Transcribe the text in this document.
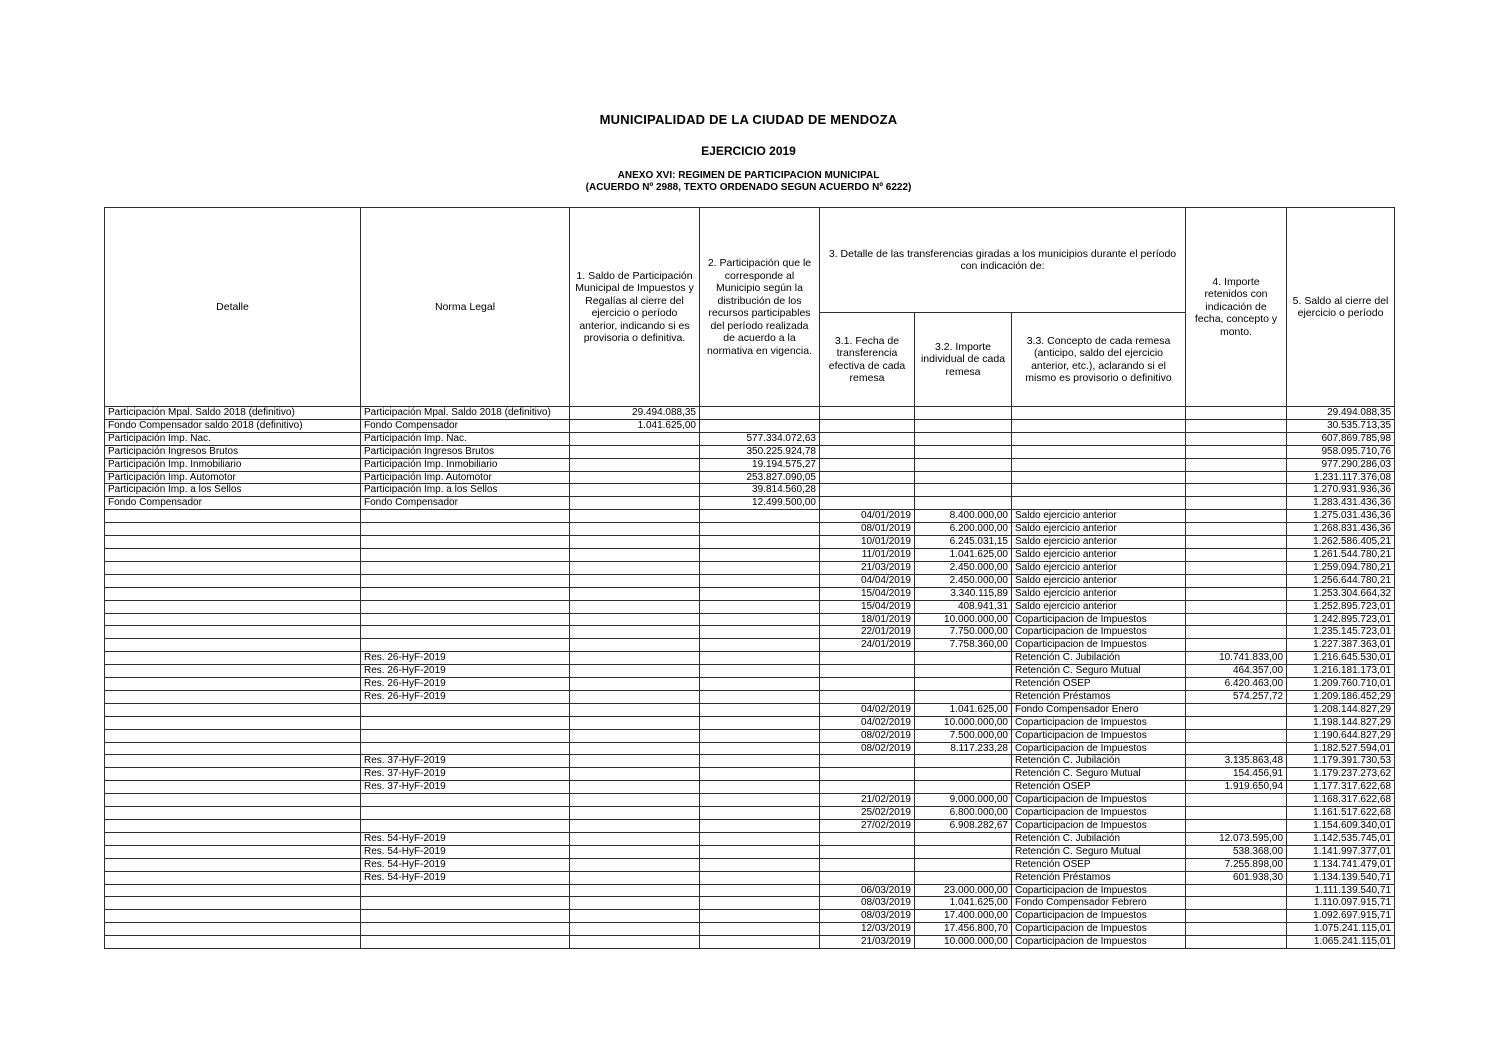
MUNICIPALIDAD DE LA CIUDAD DE MENDOZA

EJERCICIO 2019

ANEXO XVI: REGIMEN DE PARTICIPACION MUNICIPAL

(ACUERDO Nº 2988, TEXTO ORDENADO SEGUN ACUERDO Nº 6222)

Detalle	Norma Legal	1. Saldo de Participación Municipal de Impuestos y Regalías al cierre del ejercicio o período anterior, indicando si es provisoria o definitiva.	2. Participación que le corresponde al Municipio según la distribución de los recursos participables del período realizada de acuerdo a la normativa en vigencia.	3. Detalle de las transferencias giradas a los municipios durante el período con indicación de:			4. Importe retenidos con indicación de fecha, concepto y monto.	5. Saldo al cierre del ejercicio o período
				3.1. Fecha de transferencia efectiva de cada remesa	3.2. Importe individual de cada remesa	3.3. Concepto de cada remesa (anticipo, saldo del ejercicio anterior, etc.), aclarando si el mismo es provisorio o definitivo		
Participación Mpal. Saldo 2018 (definitivo)	Participación Mpal. Saldo 2018 (definitivo)	29.494.088,35						29.494.088,35
Fondo Compensador saldo 2018 (definitivo)	Fondo Compensador	1.041.625,00						30.535.713,35
Participación Imp. Nac.	Participación Imp. Nac.		577.334.072,63					607.869.785,98
Participación Ingresos Brutos	Participación Ingresos Brutos		350.225.924,78					958.095.710,76
Participación Imp. Inmobiliario	Participación Imp. Inmobiliario		19.194.575,27					977.290.286,03
Participación Imp. Automotor	Participación Imp. Automotor		253.827.090,05					1.231.117.376,08
Participación Imp. a los Sellos	Participación Imp. a los Sellos		39.814.560,28					1.270.931.936,36
Fondo Compensador	Fondo Compensador		12.499.500,00					1.283.431.436,36
				04/01/2019	8.400.000,00	Saldo ejercicio anterior		1.275.031.436,36
				08/01/2019	6.200.000,00	Saldo ejercicio anterior		1.268.831.436,36
				10/01/2019	6.245.031,15	Saldo ejercicio anterior		1.262.586.405,21
				11/01/2019	1.041.625,00	Saldo ejercicio anterior		1.261.544.780,21
				21/03/2019	2.450.000,00	Saldo ejercicio anterior		1.259.094.780,21
				04/04/2019	2.450.000,00	Saldo ejercicio anterior		1.256.644.780,21
				15/04/2019	3.340.115,89	Saldo ejercicio anterior		1.253.304.664,32
				15/04/2019	408.941,31	Saldo ejercicio anterior		1.252.895.723,01
				18/01/2019	10.000.000,00	Coparticipacion de Impuestos		1.242.895.723,01
				22/01/2019	7.750.000,00	Coparticipacion de Impuestos		1.235.145.723,01
				24/01/2019	7.758.360,00	Coparticipacion de Impuestos		1.227.387.363,01
	Res. 26-HyF-2019					Retención C. Jubilación	10.741.833,00	1.216.645.530,01
	Res. 26-HyF-2019					Retención C. Seguro Mutual	464.357,00	1.216.181.173,01
	Res. 26-HyF-2019					Retención OSEP	6.420.463,00	1.209.760.710,01
	Res. 26-HyF-2019					Retención Préstamos	574.257,72	1.209.186.452,29
				04/02/2019	1.041.625,00	Fondo Compensador Enero		1.208.144.827,29
				04/02/2019	10.000.000,00	Coparticipacion de Impuestos		1.198.144.827,29
				08/02/2019	7.500.000,00	Coparticipacion de Impuestos		1.190.644.827,29
				08/02/2019	8.117.233,28	Coparticipacion de Impuestos		1.182.527.594,01
	Res. 37-HyF-2019					Retención C. Jubilación	3.135.863,48	1.179.391.730,53
	Res. 37-HyF-2019					Retención C. Seguro Mutual	154.456,91	1.179.237.273,62
	Res. 37-HyF-2019					Retención OSEP	1.919.650,94	1.177.317.622,68
				21/02/2019	9.000.000,00	Coparticipacion de Impuestos		1.168.317.622,68
				25/02/2019	6.800.000,00	Coparticipacion de Impuestos		1.161.517.622,68
				27/02/2019	6.908.282,67	Coparticipacion de Impuestos		1.154.609.340,01
	Res. 54-HyF-2019					Retención C. Jubilación	12.073.595,00	1.142.535.745,01
	Res. 54-HyF-2019					Retención C. Seguro Mutual	538.368,00	1.141.997.377,01
	Res. 54-HyF-2019					Retención OSEP	7.255.898,00	1.134.741.479,01
	Res. 54-HyF-2019					Retención Préstamos	601.938,30	1.134.139.540,71
				06/03/2019	23.000.000,00	Coparticipacion de Impuestos		1.111.139.540,71
				08/03/2019	1.041.625,00	Fondo Compensador Febrero		1.110.097.915,71
				08/03/2019	17.400.000,00	Coparticipacion de Impuestos		1.092.697.915,71
				12/03/2019	17.456.800,70	Coparticipacion de Impuestos		1.075.241.115,01
				21/03/2019	10.000.000,00	Coparticipacion de Impuestos		1.065.241.115,01
